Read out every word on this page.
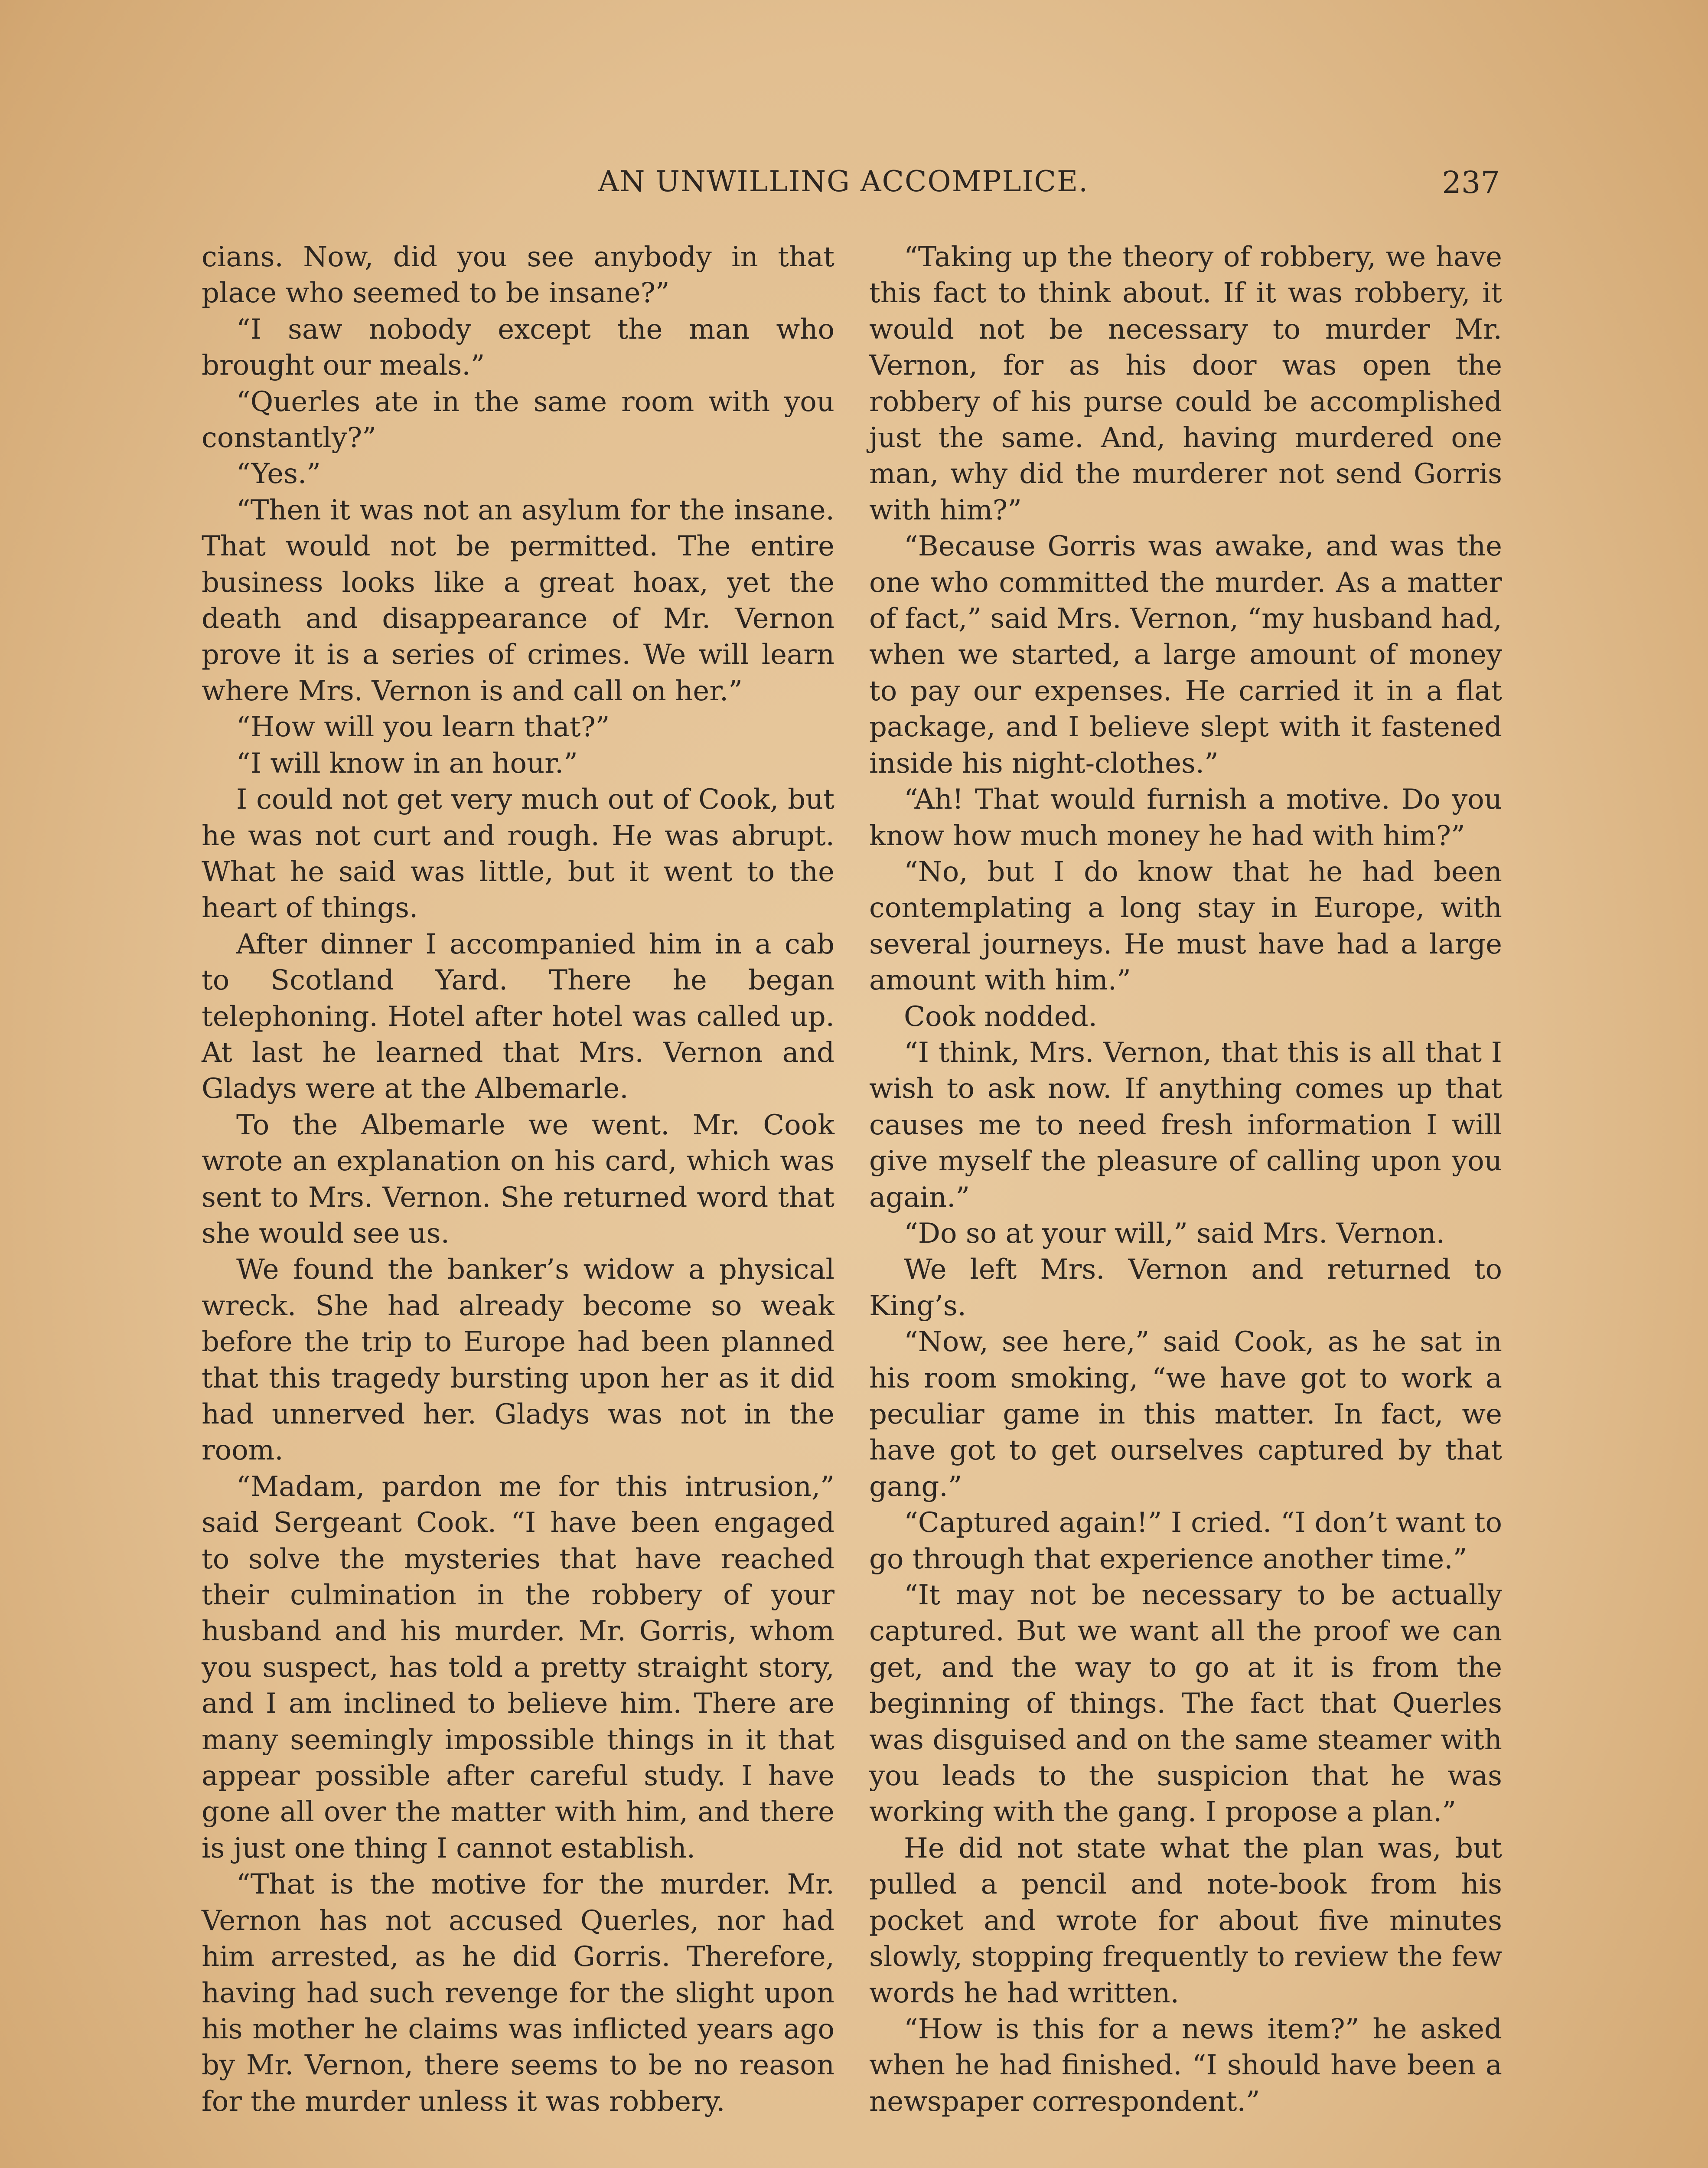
AN UNWILLING ACCOMPLICE.	237

cians. Now, did you see anybody in that place who seemed to be insane?”

“I saw nobody except the man who brought our meals.”

“Querles ate in the same room with you constantly?”

“Yes.”

“Then it was not an asylum for the insane. That would not be permitted. The entire business looks like a great hoax, yet the death and disappearance of Mr. Vernon prove it is a series of crimes. We will learn where Mrs. Vernon is and call on her.”

“How will you learn that?”

“I will know in an hour.”

I could not get very much out of Cook, but he was not curt and rough. He was abrupt. What he said was little, but it went to the heart of things.

After dinner I accompanied him in a cab to Scotland Yard. There he began telephoning. Hotel after hotel was called up. At last he learned that Mrs. Vernon and Gladys were at the Albemarle.

To the Albemarle we went. Mr. Cook wrote an explanation on his card, which was sent to Mrs. Vernon. She returned word that she would see us.

We found the banker’s widow a physical wreck. She had already become so weak before the trip to Europe had been planned that this tragedy bursting upon her as it did had unnerved her. Gladys was not in the room.

“Madam, pardon me for this intrusion,” said Sergeant Cook. “I have been engaged to solve the mysteries that have reached their culmination in the robbery of your husband and his murder. Mr. Gorris, whom you suspect, has told a pretty straight story, and I am inclined to believe him. There are many seemingly impossible things in it that appear possible after careful study. I have gone all over the matter with him, and there is just one thing I cannot establish.

“That is the motive for the murder. Mr. Vernon has not accused Querles, nor had him arrested, as he did Gorris. Therefore, having had such revenge for the slight upon his mother he claims was inflicted years ago by Mr. Vernon, there seems to be no reason for the murder unless it was robbery.

“Taking up the theory of robbery, we have this fact to think about. If it was robbery, it would not be necessary to murder Mr. Vernon, for as his door was open the robbery of his purse could be accomplished just the same. And, having murdered one man, why did the murderer not send Gorris with him?”

“Because Gorris was awake, and was the one who committed the murder. As a matter of fact,” said Mrs. Vernon, “my husband had, when we started, a large amount of money to pay our expenses. He carried it in a flat package, and I believe slept with it fastened inside his night-clothes.”

“Ah! That would furnish a motive. Do you know how much money he had with him?”

“No, but I do know that he had been contemplating a long stay in Europe, with several journeys. He must have had a large amount with him.”

Cook nodded.

“I think, Mrs. Vernon, that this is all that I wish to ask now. If anything comes up that causes me to need fresh information I will give myself the pleasure of calling upon you again.”

“Do so at your will,” said Mrs. Vernon.

We left Mrs. Vernon and returned to King’s.

“Now, see here,” said Cook, as he sat in his room smoking, “we have got to work a peculiar game in this matter. In fact, we have got to get ourselves captured by that gang.”

“Captured again!” I cried. “I don’t want to go through that experience another time.”

“It may not be necessary to be actually captured. But we want all the proof we can get, and the way to go at it is from the beginning of things. The fact that Querles was disguised and on the same steamer with you leads to the suspicion that he was working with the gang. I propose a plan.”

He did not state what the plan was, but pulled a pencil and note-book from his pocket and wrote for about five minutes slowly, stopping frequently to review the few words he had written.

“How is this for a news item?” he asked when he had finished. “I should have been a newspaper correspondent.”
